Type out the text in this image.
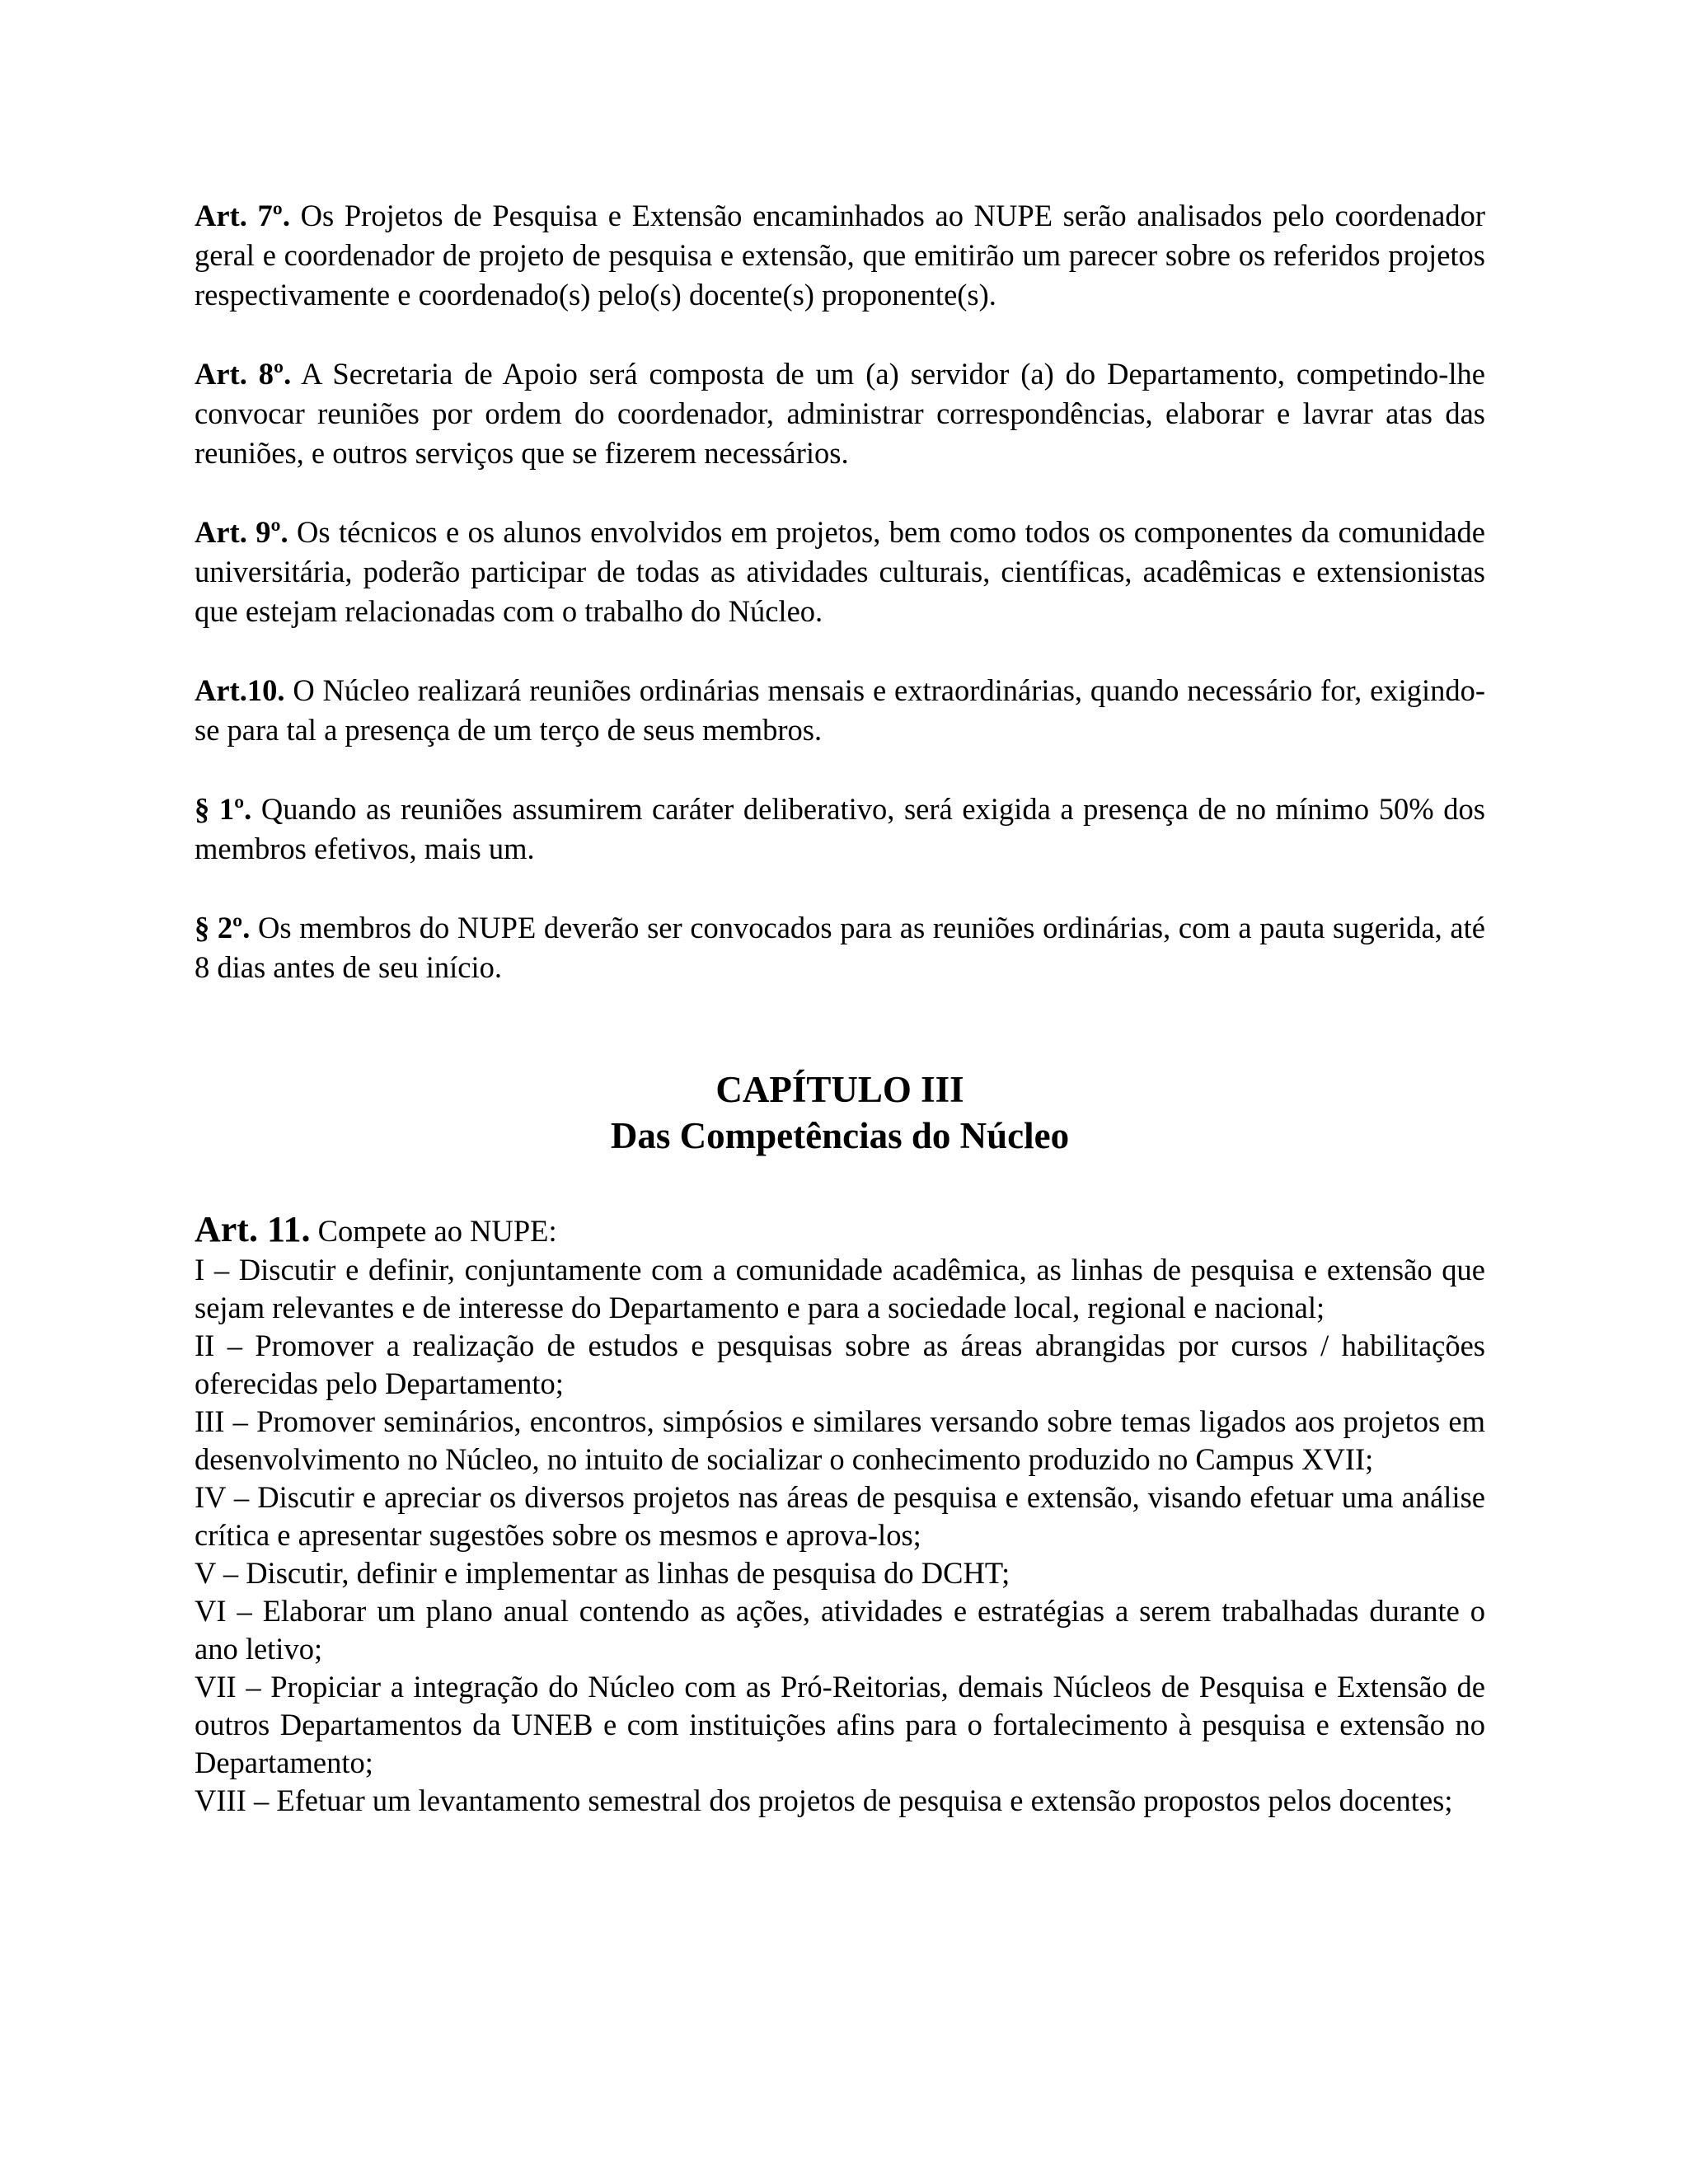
Art. 7º. Os Projetos de Pesquisa e Extensão encaminhados ao NUPE serão analisados pelo coordenador geral e coordenador de projeto de pesquisa e extensão, que emitirão um parecer sobre os referidos projetos respectivamente e coordenado(s) pelo(s) docente(s) proponente(s).

Art. 8º. A Secretaria de Apoio será composta de um (a) servidor (a) do Departamento, competindo-lhe convocar reuniões por ordem do coordenador, administrar correspondências, elaborar e lavrar atas das reuniões, e outros serviços que se fizerem necessários.

Art. 9º. Os técnicos e os alunos envolvidos em projetos, bem como todos os componentes da comunidade universitária, poderão participar de todas as atividades culturais, científicas, acadêmicas e extensionistas que estejam relacionadas com o trabalho do Núcleo.

Art.10. O Núcleo realizará reuniões ordinárias mensais e extraordinárias, quando necessário for, exigindo-se para tal a presença de um terço de seus membros.

§ 1º. Quando as reuniões assumirem caráter deliberativo, será exigida a presença de no mínimo 50% dos membros efetivos, mais um.

§ 2º. Os membros do NUPE deverão ser convocados para as reuniões ordinárias, com a pauta sugerida, até 8 dias antes de seu início.

CAPÍTULO III
Das Competências do Núcleo
Art. 11. Compete ao NUPE:

I – Discutir e definir, conjuntamente com a comunidade acadêmica, as linhas de pesquisa e extensão que sejam relevantes e de interesse do Departamento e para a sociedade local, regional e nacional;

II – Promover a realização de estudos e pesquisas sobre as áreas abrangidas por cursos / habilitações oferecidas pelo Departamento;

III – Promover seminários, encontros, simpósios e similares versando sobre temas ligados aos projetos em desenvolvimento no Núcleo, no intuito de socializar o conhecimento produzido no Campus XVII;

IV – Discutir e apreciar os diversos projetos nas áreas de pesquisa e extensão, visando efetuar uma análise crítica e apresentar sugestões sobre os mesmos e aprova-los;

V – Discutir, definir e implementar as linhas de pesquisa do DCHT;

VI – Elaborar um plano anual contendo as ações, atividades e estratégias a serem trabalhadas durante o ano letivo;

VII – Propiciar a integração do Núcleo com as Pró-Reitorias, demais Núcleos de Pesquisa e Extensão de outros Departamentos da UNEB e com instituições afins para o fortalecimento à pesquisa e extensão no Departamento;

VIII – Efetuar um levantamento semestral dos projetos de pesquisa e extensão propostos pelos docentes;
